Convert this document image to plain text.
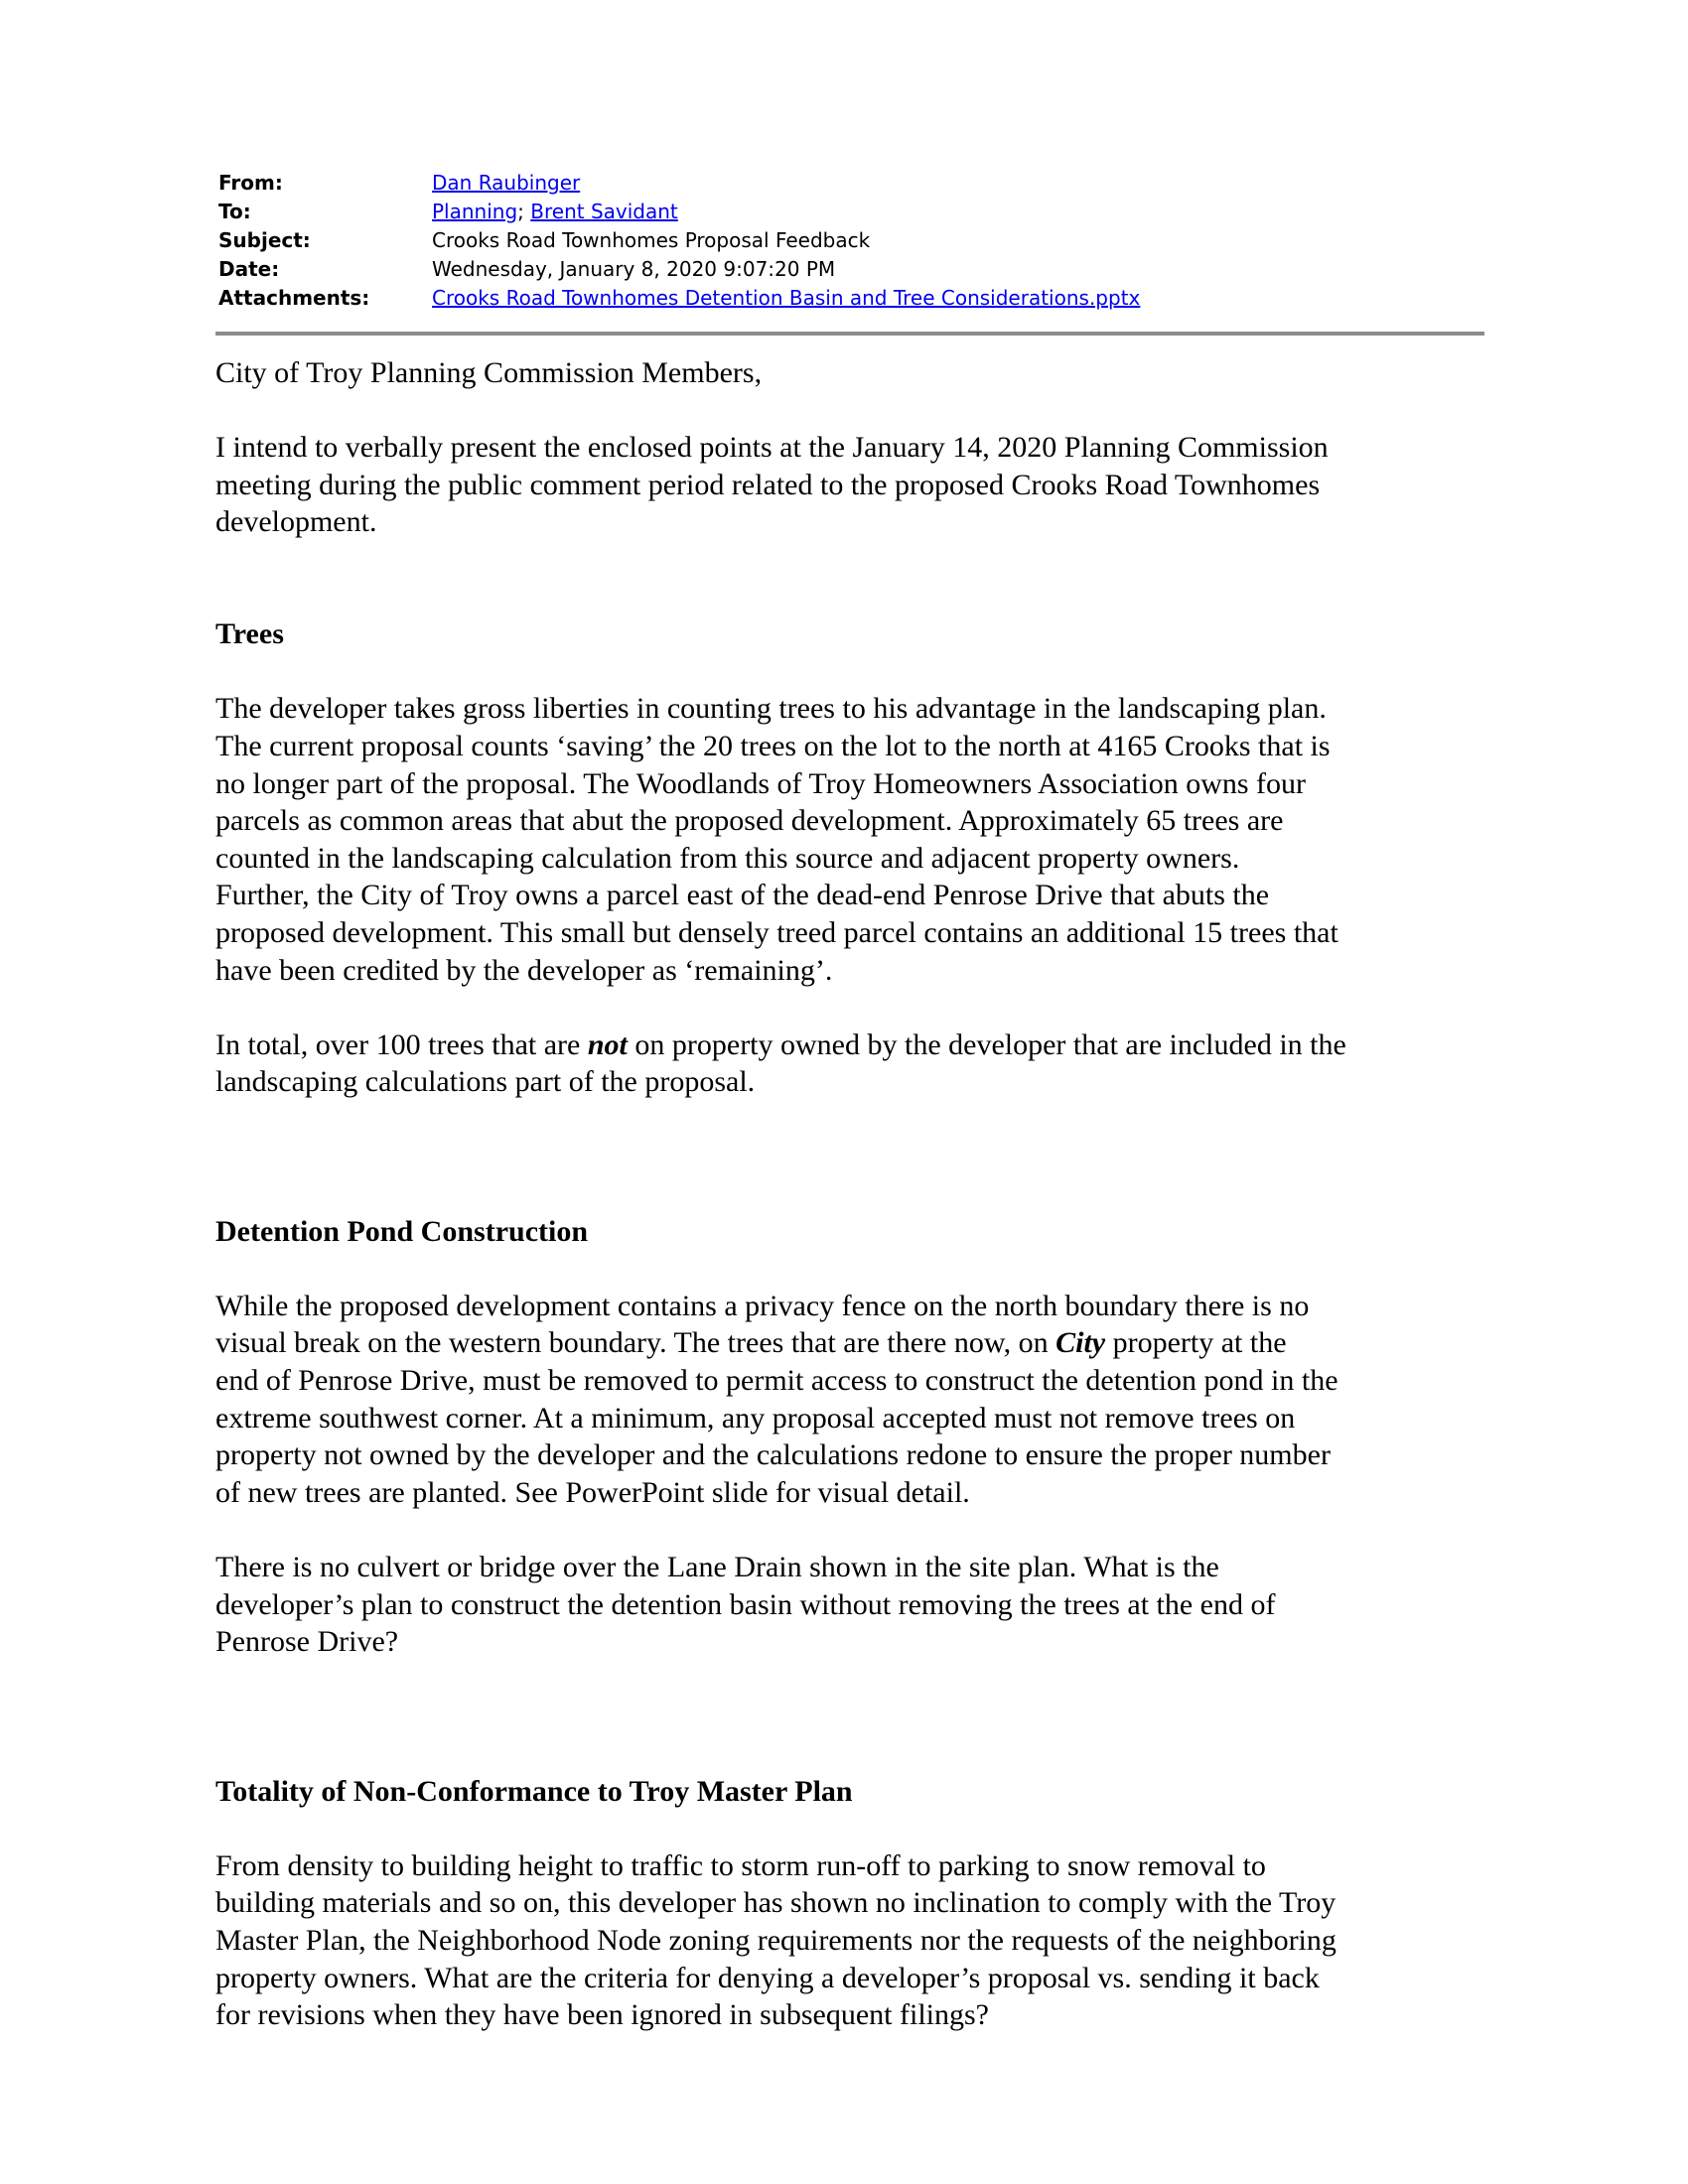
From:	Dan Raubinger
To:	Planning; Brent Savidant
Subject:	Crooks Road Townhomes Proposal Feedback
Date:	Wednesday, January 8, 2020 9:07:20 PM
Attachments:	Crooks Road Townhomes Detention Basin and Tree Considerations.pptx

City of Troy Planning Commission Members,

I intend to verbally present the enclosed points at the January 14, 2020 Planning Commission

meeting during the public comment period related to the proposed Crooks Road Townhomes

development.

Trees

The developer takes gross liberties in counting trees to his advantage in the landscaping plan.

The current proposal counts ‘saving’ the 20 trees on the lot to the north at 4165 Crooks that is

no longer part of the proposal. The Woodlands of Troy Homeowners Association owns four

parcels as common areas that abut the proposed development. Approximately 65 trees are

counted in the landscaping calculation from this source and adjacent property owners.

Further, the City of Troy owns a parcel east of the dead-end Penrose Drive that abuts the

proposed development. This small but densely treed parcel contains an additional 15 trees that

have been credited by the developer as ‘remaining’.

In total, over 100 trees that are not on property owned by the developer that are included in the

landscaping calculations part of the proposal.

Detention Pond Construction

While the proposed development contains a privacy fence on the north boundary there is no

visual break on the western boundary. The trees that are there now, on City property at the

end of Penrose Drive, must be removed to permit access to construct the detention pond in the

extreme southwest corner. At a minimum, any proposal accepted must not remove trees on

property not owned by the developer and the calculations redone to ensure the proper number

of new trees are planted. See PowerPoint slide for visual detail.

There is no culvert or bridge over the Lane Drain shown in the site plan. What is the

developer’s plan to construct the detention basin without removing the trees at the end of

Penrose Drive?

Totality of Non-Conformance to Troy Master Plan

From density to building height to traffic to storm run-off to parking to snow removal to

building materials and so on, this developer has shown no inclination to comply with the Troy

Master Plan, the Neighborhood Node zoning requirements nor the requests of the neighboring

property owners. What are the criteria for denying a developer’s proposal vs. sending it back

for revisions when they have been ignored in subsequent filings?
